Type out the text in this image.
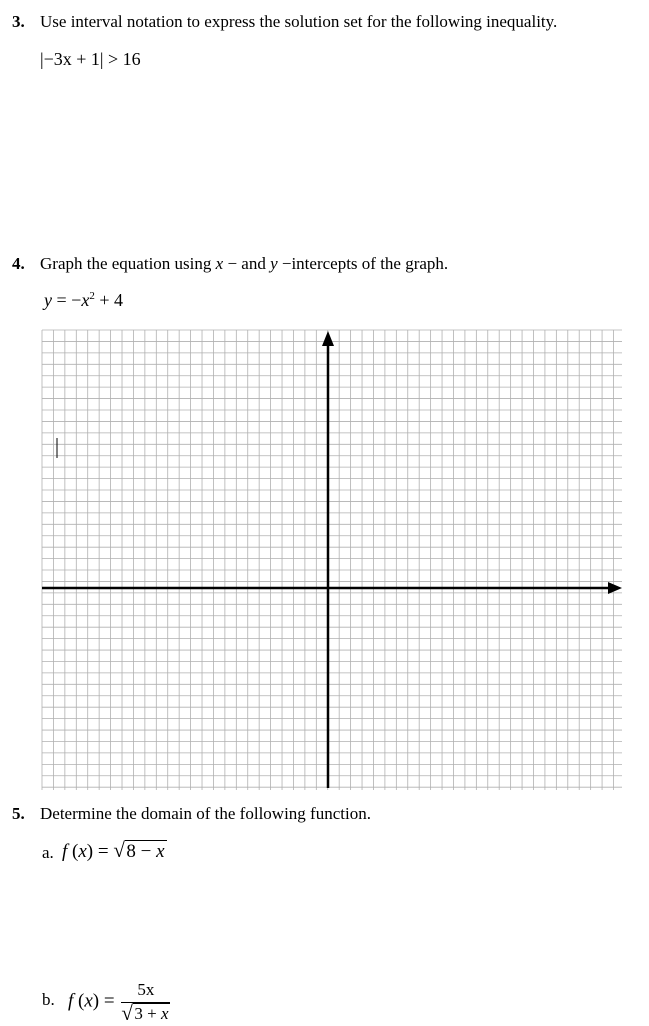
3. Use interval notation to express the solution set for the following inequality.
|−3x + 1| > 16
4. Graph the equation using x − and y −intercepts of the graph.
$y = -x^2 + 4$
5. Determine the domain of the following function.
a. f (x) = √ 8 − x
b. f $(x) = \frac{5x}{√ 3 + x}$
